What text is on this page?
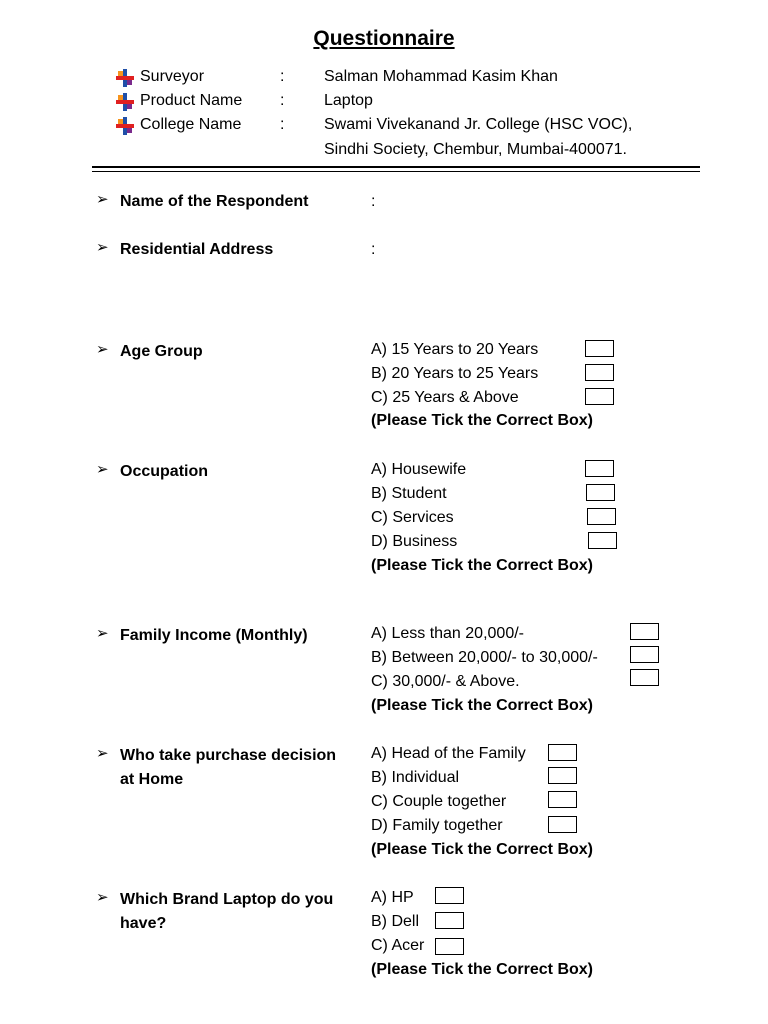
Questionnaire
Surveyor	: Salman Mohammad Kasim Khan
Product Name : Laptop
College Name : Swami Vivekanand Jr. College (HSC VOC),
Sindhi Society, Chembur, Mumbai-400071.
➢ Name of the Respondent	:
➢ Residential Address	:
➢ Age Group	A) 15 Years to 20 Years
B) 20 Years to 25 Years
C) 25 Years & Above
(Please Tick the Correct Box)
➢ Occupation	A) Housewife
B) Student
C) Services
D) Business
(Please Tick the Correct Box)
➢ Family Income (Monthly)	A) Less than 20,000/-
B) Between 20,000/- to 30,000/-
C) 30,000/- & Above.
(Please Tick the Correct Box)
➢ Who take purchase decision
at Home
A) Head of the Family
B) Individual
C) Couple together
D) Family together
(Please Tick the Correct Box)
➢ Which Brand Laptop do you
have?
A) HP
B) Dell
C) Acer
(Please Tick the Correct Box)
